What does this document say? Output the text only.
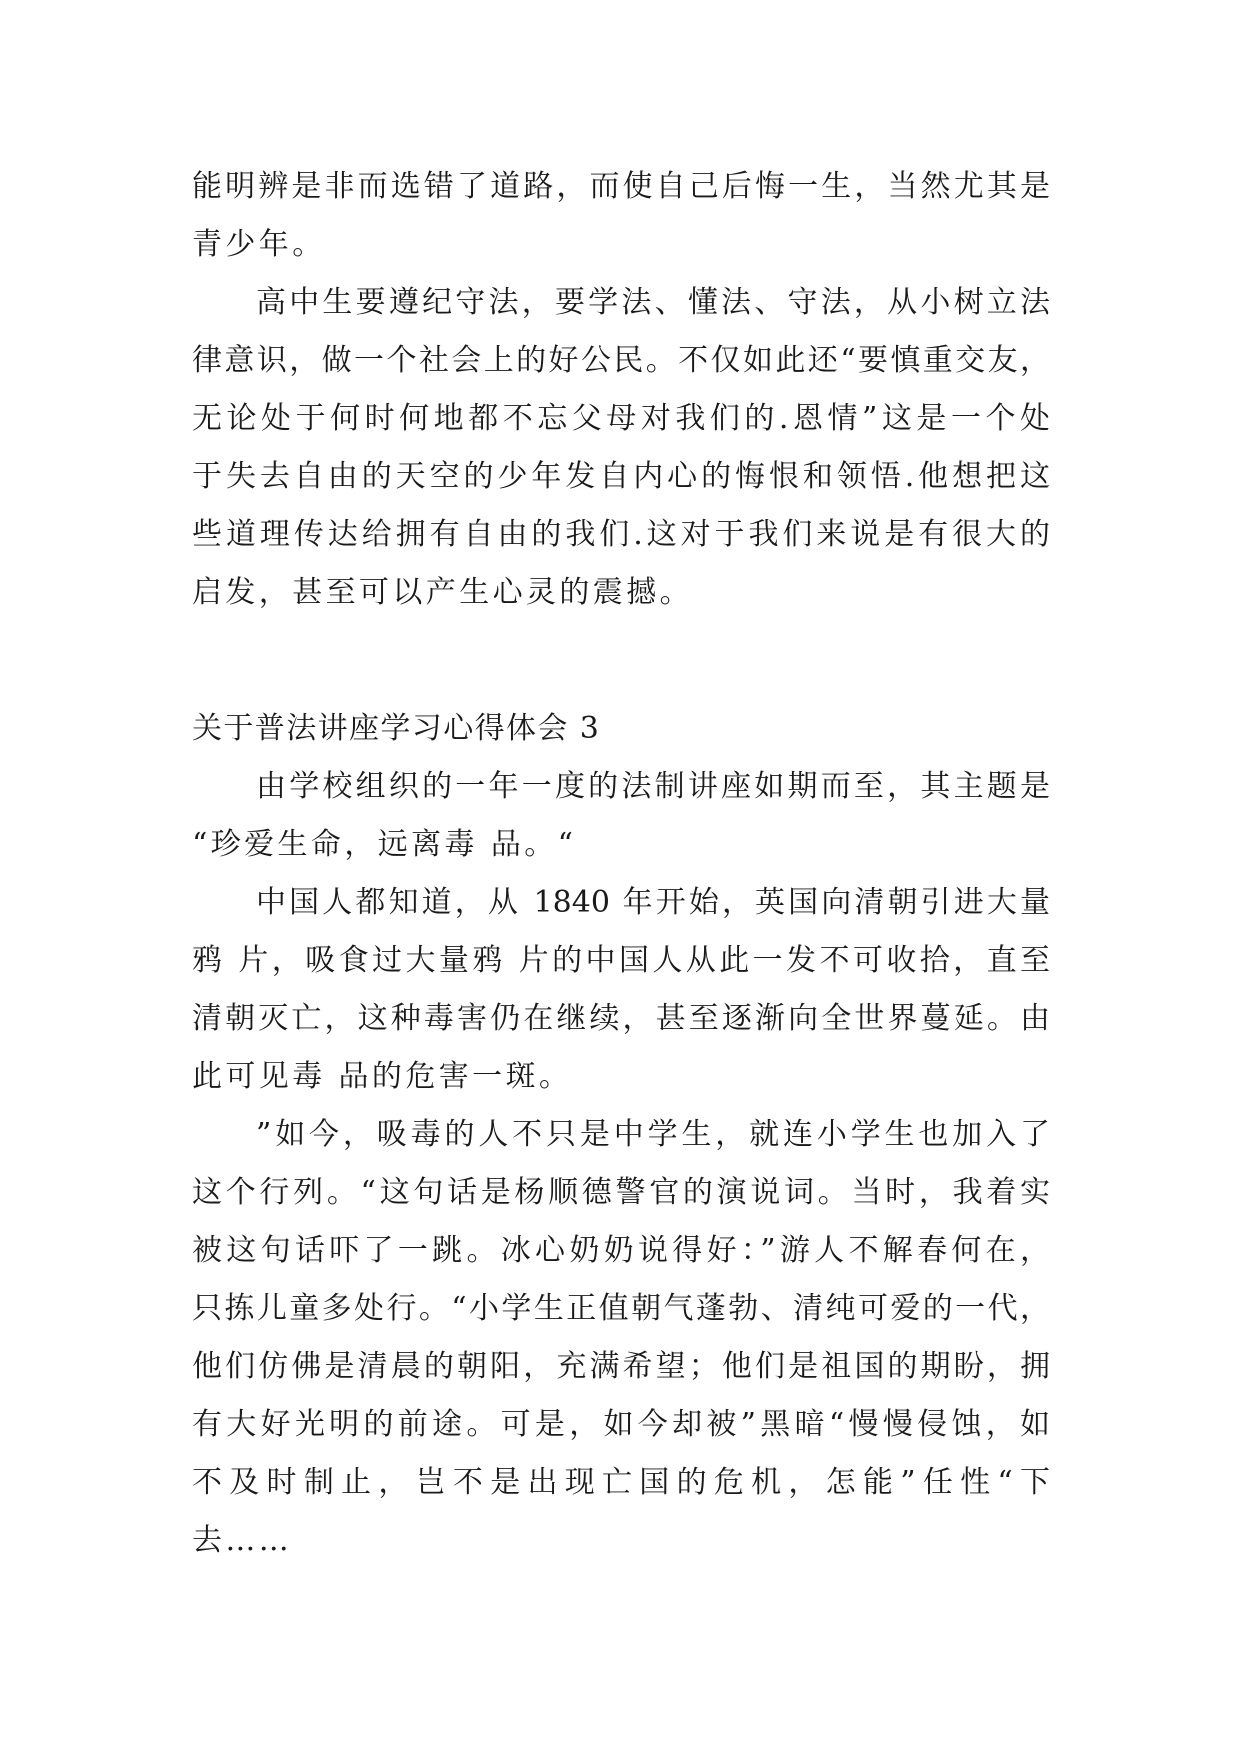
能明辨是非而选错了道路，而使自己后悔一生，当然尤其是
青少年。
高中生要遵纪守法，要学法、懂法、守法，从小树立法
律意识，做一个社会上的好公民。不仅如此还“要慎重交友，
无论处于何时何地都不忘父母对我们的.恩情”这是一个处
于失去自由的天空的少年发自内心的悔恨和领悟.他想把这
些道理传达给拥有自由的我们.这对于我们来说是有很大的
启发，甚至可以产生心灵的震撼。
关于普法讲座学习心得体会 3
由学校组织的一年一度的法制讲座如期而至，其主题是
“珍爱生命，远离毒 品。“
中国人都知道，从 1840 年开始，英国向清朝引进大量
鸦 片，吸食过大量鸦 片的中国人从此一发不可收拾，直至
清朝灭亡，这种毒害仍在继续，甚至逐渐向全世界蔓延。由
此可见毒 品的危害一斑。
”如今，吸毒的人不只是中学生，就连小学生也加入了
这个行列。“这句话是杨顺德警官的演说词。当时，我着实
被这句话吓了一跳。冰心奶奶说得好：”游人不解春何在，
只拣儿童多处行。“小学生正值朝气蓬勃、清纯可爱的一代，
他们仿佛是清晨的朝阳，充满希望；他们是祖国的期盼，拥
有大好光明的前途。可是，如今却被”黑暗“慢慢侵蚀，如
不及时制止，岂不是出现亡国的危机，怎能”任性“下
去……
